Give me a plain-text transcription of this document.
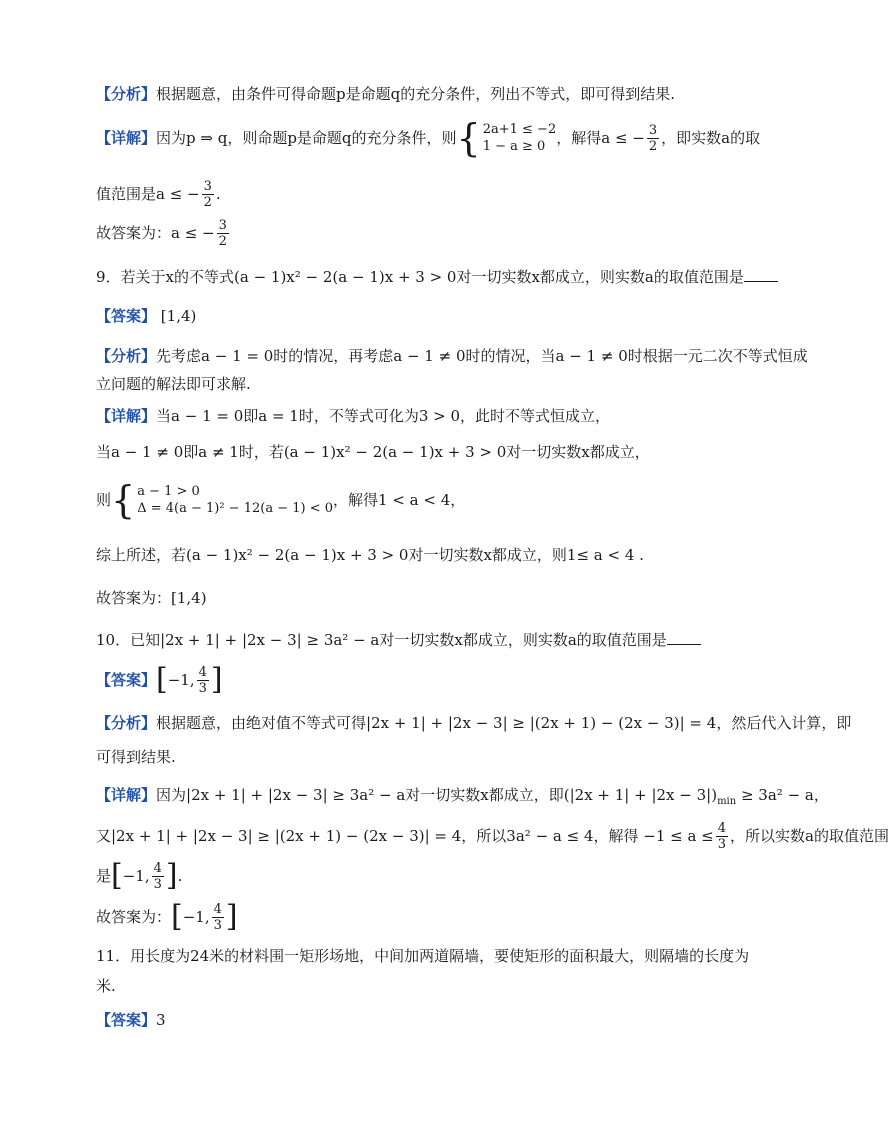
【分析】根据题意，由条件可得命题p是命题q的充分条件，列出不等式，即可得到结果.
【详解】 因为p ⇒ q，则命题p是命题q的充分条件，则 { 2a+1 ≤ −2
1 − a ≥ 0 ，解得a ≤ − $\frac{3}{2}$ ，即实数a的取
值范围是a ≤ − $\frac{3}{2}$ .
故答案为：a ≤ − $\frac{3}{2}$
9．若关于x的不等式(a − 1)x² − 2(a − 1)x + 3 > 0对一切实数x都成立，则实数a的取值范围是
【答案】 [1,4)
【分析】先考虑a − 1 = 0时的情况，再考虑a − 1 ≠ 0时的情况，当a − 1 ≠ 0时根据一元二次不等式恒成
立问题的解法即可求解.
【详解】当a − 1 = 0即a = 1时，不等式可化为3 > 0，此时不等式恒成立，
当a − 1 ≠ 0即a ≠ 1时，若(a − 1)x² − 2(a − 1)x + 3 > 0对一切实数x都成立，
则 { a − 1 > 0
Δ = 4(a − 1)² − 12(a − 1) < 0 ，解得1 < a < 4，
综上所述，若(a − 1)x² − 2(a − 1)x + 3 > 0对一切实数x都成立，则1≤ a < 4 .
故答案为：[1,4)
10．已知|2x + 1| + |2x − 3| ≥ 3a² − a对一切实数x都成立，则实数a的取值范围是
【答案】 [ −1, $\frac{4}{3}$ ]
【分析】根据题意，由绝对值不等式可得|2x + 1| + |2x − 3| ≥ |(2x + 1) − (2x − 3)| = 4，然后代入计算，即
可得到结果.
【详解】因为|2x + 1| + |2x − 3| ≥ 3a² − a对一切实数x都成立，即$(|2x + 1| + |2x - 3|)_{min} \ge 3a^2 - a$，
又|2x + 1| + |2x − 3| ≥ |(2x + 1) − (2x − 3)| = 4，所以3a² − a ≤ 4，解得 $-1 \le a \le \frac{4}{3}$ ，所以实数a的取值范围
是 [ −1, $\frac{4}{3}$ ] .
故答案为： [ −1, $\frac{4}{3}$ ]
11．用长度为24米的材料围一矩形场地，中间加两道隔墙，要使矩形的面积最大，则隔墙的长度为
米.
【答案】3
